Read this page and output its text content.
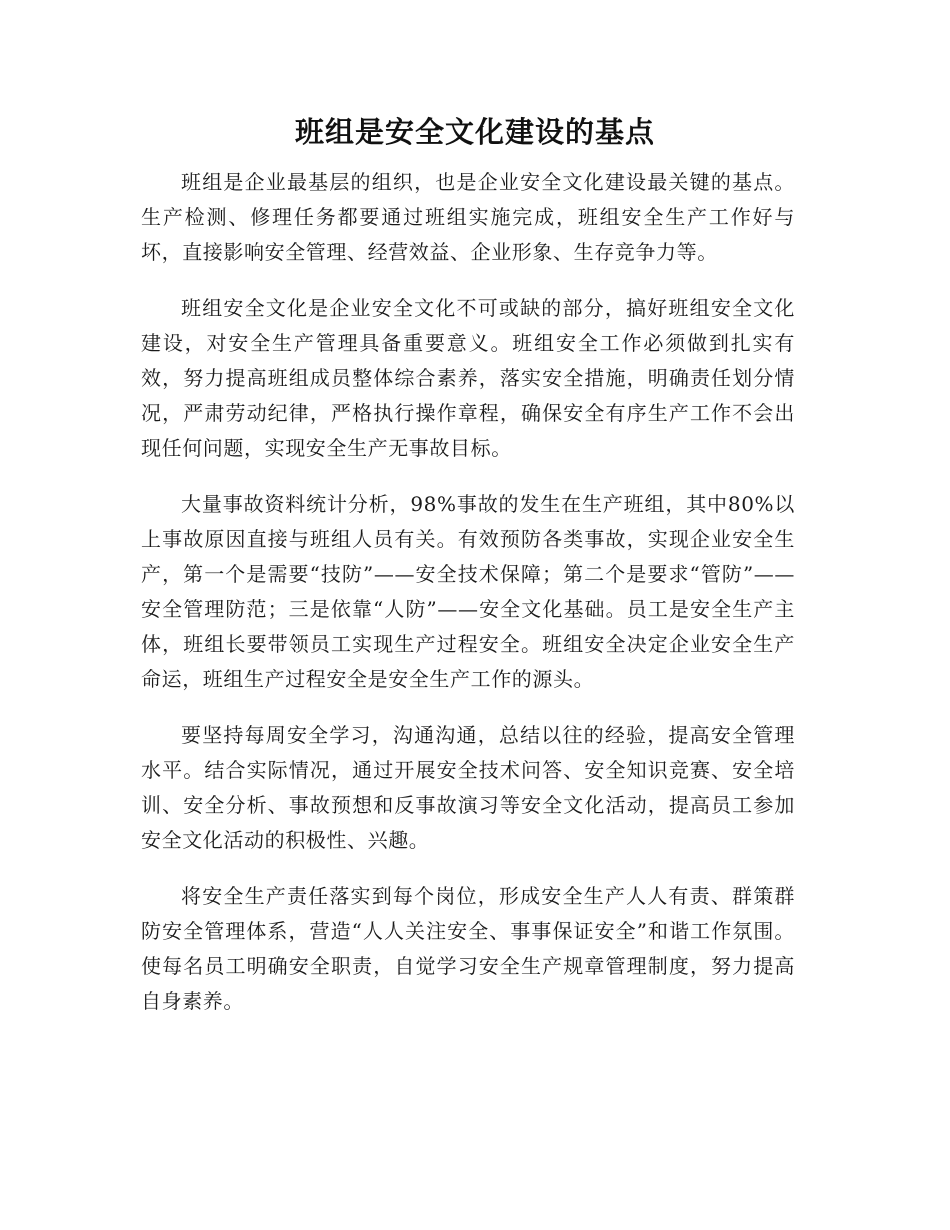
班组是安全文化建设的基点

班组是企业最基层的组织，也是企业安全文化建设最关键的基点。生产检测、修理任务都要通过班组实施完成，班组安全生产工作好与坏，直接影响安全管理、经营效益、企业形象、生存竞争力等。

班组安全文化是企业安全文化不可或缺的部分，搞好班组安全文化建设，对安全生产管理具备重要意义。班组安全工作必须做到扎实有效，努力提高班组成员整体综合素养，落实安全措施，明确责任划分情况，严肃劳动纪律，严格执行操作章程，确保安全有序生产工作不会出现任何问题，实现安全生产无事故目标。

大量事故资料统计分析，98%事故的发生在生产班组，其中80%以上事故原因直接与班组人员有关。有效预防各类事故，实现企业安全生产，第一个是需要“技防”——安全技术保障；第二个是要求“管防”——安全管理防范；三是依靠“人防”——安全文化基础。员工是安全生产主体，班组长要带领员工实现生产过程安全。班组安全决定企业安全生产命运，班组生产过程安全是安全生产工作的源头。

要坚持每周安全学习，沟通沟通，总结以往的经验，提高安全管理水平。结合实际情况，通过开展安全技术问答、安全知识竞赛、安全培训、安全分析、事故预想和反事故演习等安全文化活动，提高员工参加安全文化活动的积极性、兴趣。

将安全生产责任落实到每个岗位，形成安全生产人人有责、群策群防安全管理体系，营造“人人关注安全、事事保证安全”和谐工作氛围。使每名员工明确安全职责，自觉学习安全生产规章管理制度，努力提高自身素养。
